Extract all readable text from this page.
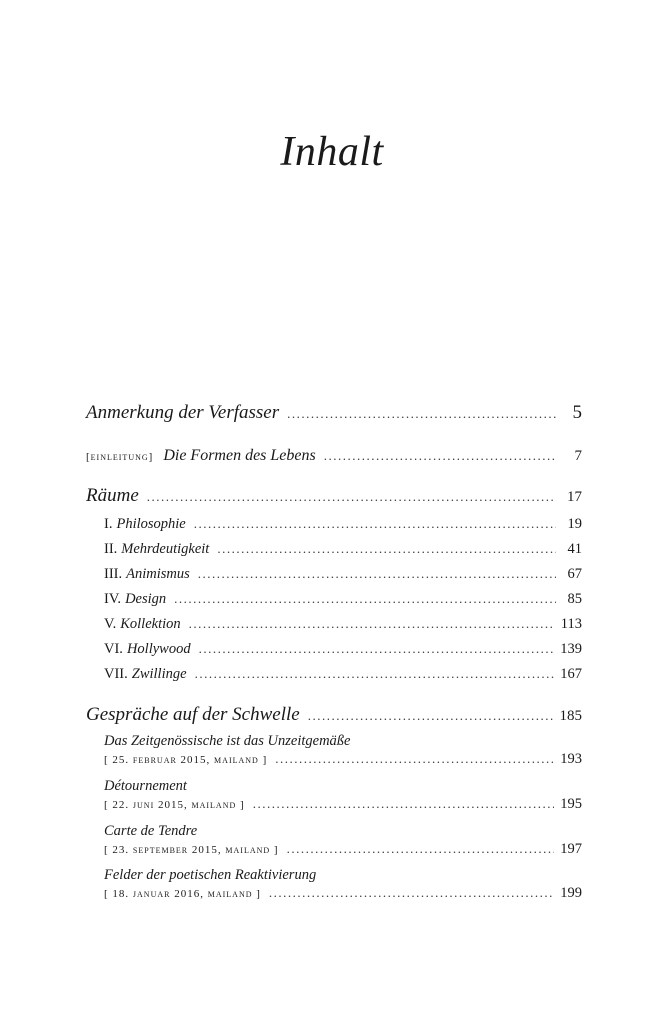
Inhalt
Anmerkung der Verfasser .....	5
[einleitung] Die Formen des Lebens .....	7
Räume .....	17
I. Philosophie .....	19
II. Mehrdeutigkeit .....	41
III. Animismus .....	67
IV. Design .....	85
V. Kollektion .....	113
VI. Hollywood .....	139
VII. Zwillinge .....	167
Gespräche auf der Schwelle .....	185
Das Zeitgenössische ist das Unzeitgemäße
[ 25. februar 2015, mailand ] .....	193
Détournement
[ 22. juni 2015, mailand ] .....	195
Carte de Tendre
[ 23. september 2015, mailand ] .....	197
Felder der poetischen Reaktivierung
[ 18. januar 2016, mailand ] .....	199
